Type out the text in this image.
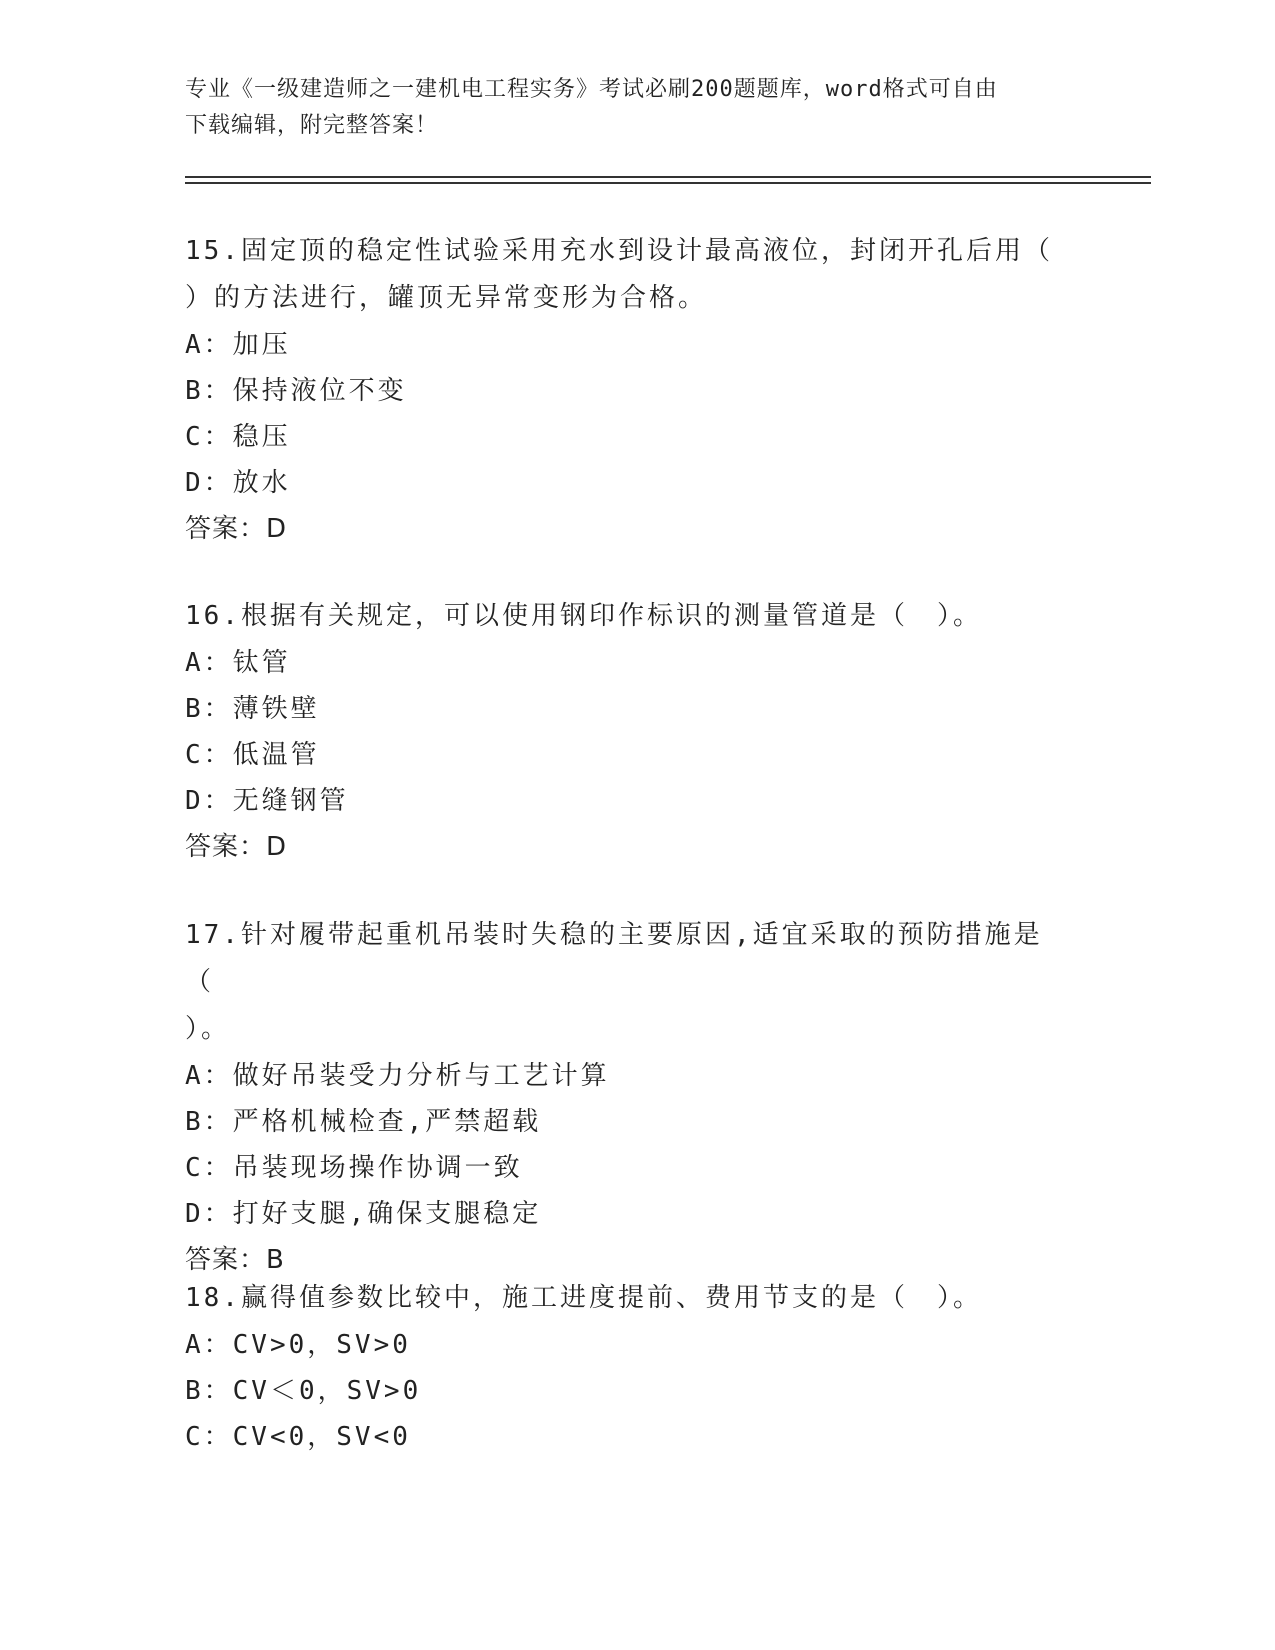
专业《一级建造师之一建机电工程实务》考试必刷200题题库，word格式可自由
下载编辑，附完整答案！
15.固定顶的稳定性试验采用充水到设计最高液位，封闭开孔后用（
）的方法进行，罐顶无异常变形为合格。
A：加压
B：保持液位不变
C：稳压
D：放水
答案：D
16.根据有关规定，可以使用钢印作标识的测量管道是（　）。
A：钛管
B：薄铁壁
C：低温管
D：无缝钢管
答案：D
17.针对履带起重机吊装时失稳的主要原因,适宜采取的预防措施是（
）。
A：做好吊装受力分析与工艺计算
B：严格机械检查,严禁超载
C：吊装现场操作协调一致
D：打好支腿,确保支腿稳定
答案：B
18.赢得值参数比较中，施工进度提前、费用节支的是（　）。
A：CV>0，SV>0
B：CV＜0，SV>0
C：CV<0，SV<0
